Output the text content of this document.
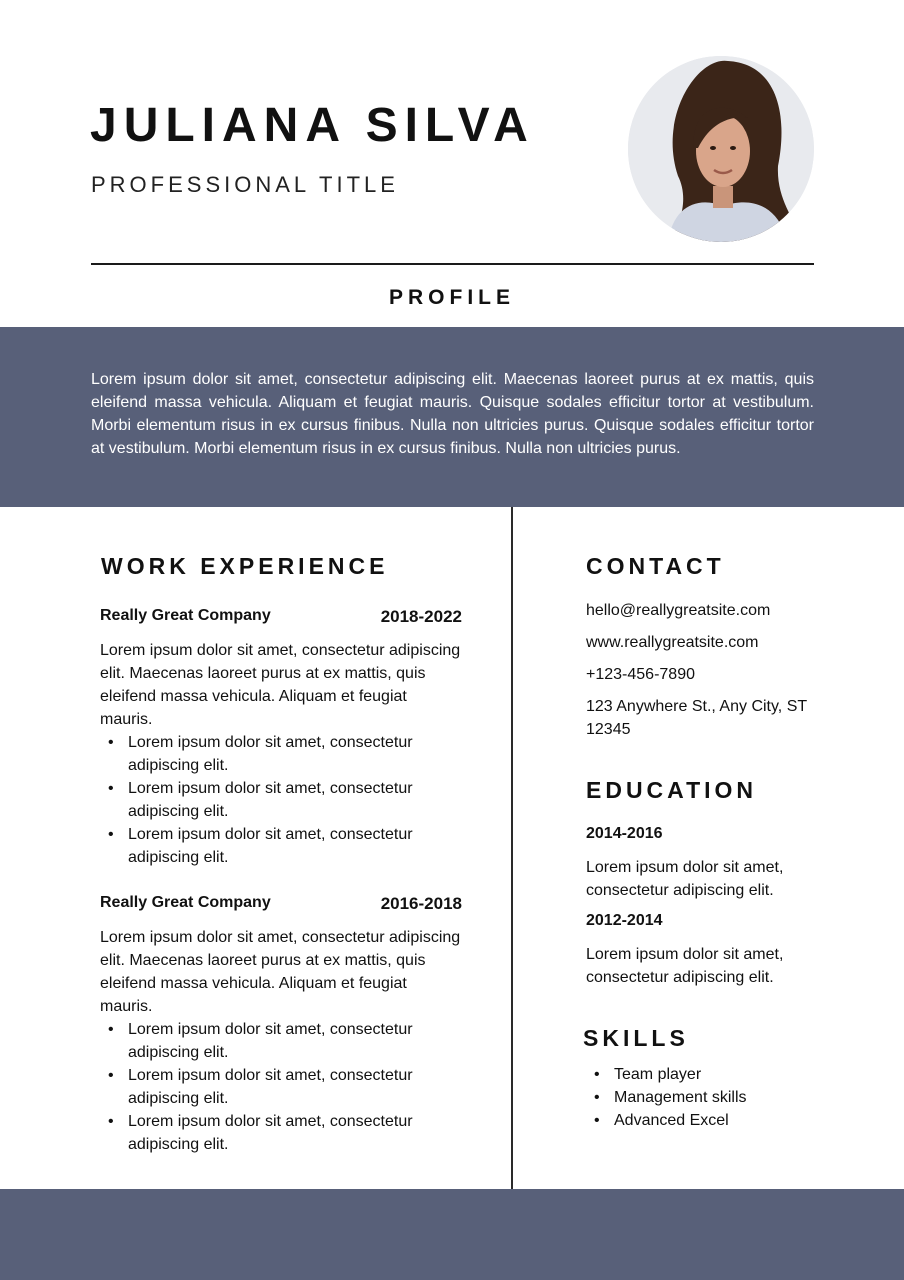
JULIANA SILVA
PROFESSIONAL TITLE
PROFILE
Lorem ipsum dolor sit amet, consectetur adipiscing elit. Maecenas laoreet purus at ex mattis, quis eleifend massa vehicula. Aliquam et feugiat mauris. Quisque sodales efficitur tortor at vestibulum. Morbi elementum risus in ex cursus finibus. Nulla non ultricies purus. Quisque sodales efficitur tortor at vestibulum. Morbi elementum risus in ex cursus finibus. Nulla non ultricies purus.
WORK EXPERIENCE
Really Great Company	2018-2022
Lorem ipsum dolor sit amet, consectetur adipiscing elit. Maecenas laoreet purus at ex mattis, quis eleifend massa vehicula. Aliquam et feugiat mauris.
• Lorem ipsum dolor sit amet, consectetur adipiscing elit.
• Lorem ipsum dolor sit amet, consectetur adipiscing elit.
• Lorem ipsum dolor sit amet, consectetur adipiscing elit.
Really Great Company	2016-2018
Lorem ipsum dolor sit amet, consectetur adipiscing elit. Maecenas laoreet purus at ex mattis, quis eleifend massa vehicula. Aliquam et feugiat mauris.
• Lorem ipsum dolor sit amet, consectetur adipiscing elit.
• Lorem ipsum dolor sit amet, consectetur adipiscing elit.
• Lorem ipsum dolor sit amet, consectetur adipiscing elit.
CONTACT
hello@reallygreatsite.com
www.reallygreatsite.com
+123-456-7890
123 Anywhere St., Any City, ST 12345
EDUCATION
2014-2016
Lorem ipsum dolor sit amet, consectetur adipiscing elit.
2012-2014
Lorem ipsum dolor sit amet, consectetur adipiscing elit.
SKILLS
• Team player
• Management skills
• Advanced Excel
